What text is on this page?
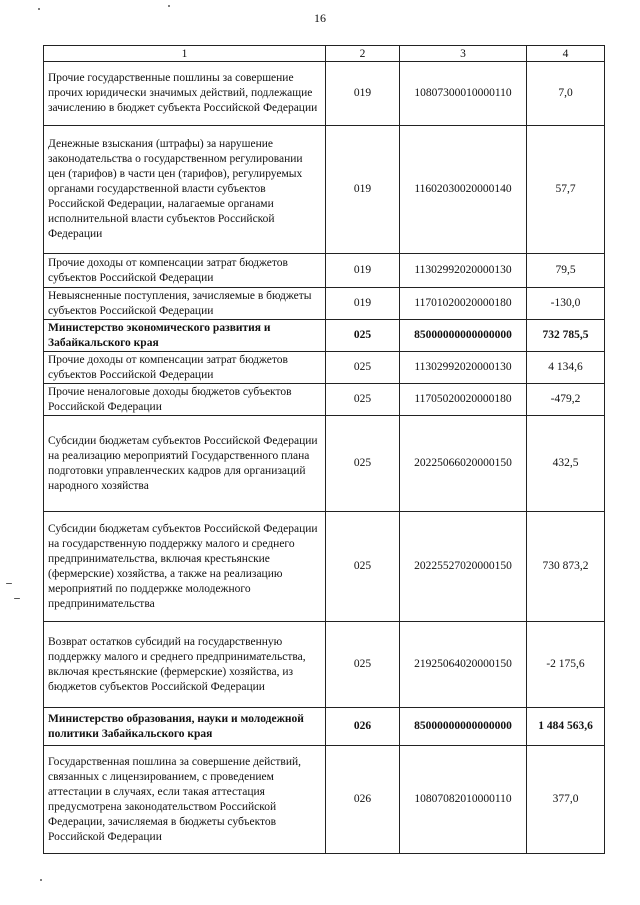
16
1	2	3	4
Прочие государственные пошлины за совершение прочих юридически значимых действий, подлежащие зачислению в бюджет субъекта Российской Федерации	019	10807300010000110	7,0
Денежные взыскания (штрафы) за нарушение законодательства о государственном регулировании цен (тарифов) в части цен (тарифов), регулируемых органами государственной власти субъектов Российской Федерации, налагаемые органами исполнительной власти субъектов Российской Федерации	019	11602030020000140	57,7
Прочие доходы от компенсации затрат бюджетов субъектов Российской Федерации	019	11302992020000130	79,5
Невыясненные поступления, зачисляемые в бюджеты субъектов Российской Федерации	019	11701020020000180	-130,0
Министерство экономического развития и Забайкальского края	025	85000000000000000	732 785,5
Прочие доходы от компенсации затрат бюджетов субъектов Российской Федерации	025	11302992020000130	4 134,6
Прочие неналоговые доходы бюджетов субъектов Российской Федерации	025	11705020020000180	-479,2
Субсидии бюджетам субъектов Российской Федерации на реализацию мероприятий Государственного плана подготовки управленческих кадров для организаций народного хозяйства	025	20225066020000150	432,5
Субсидии бюджетам субъектов Российской Федерации на государственную поддержку малого и среднего предпринимательства, включая крестьянские (фермерские) хозяйства, а также на реализацию мероприятий по поддержке молодежного предпринимательства	025	20225527020000150	730 873,2
Возврат остатков субсидий на государственную поддержку малого и среднего предпринимательства, включая крестьянские (фермерские) хозяйства, из бюджетов субъектов Российской Федерации	025	21925064020000150	-2 175,6
Министерство образования, науки и молодежной политики Забайкальского края	026	85000000000000000	1 484 563,6
Государственная пошлина за совершение действий, связанных с лицензированием, с проведением аттестации в случаях, если такая аттестация предусмотрена законодательством Российской Федерации, зачисляемая в бюджеты субъектов Российской Федерации	026	10807082010000110	377,0
